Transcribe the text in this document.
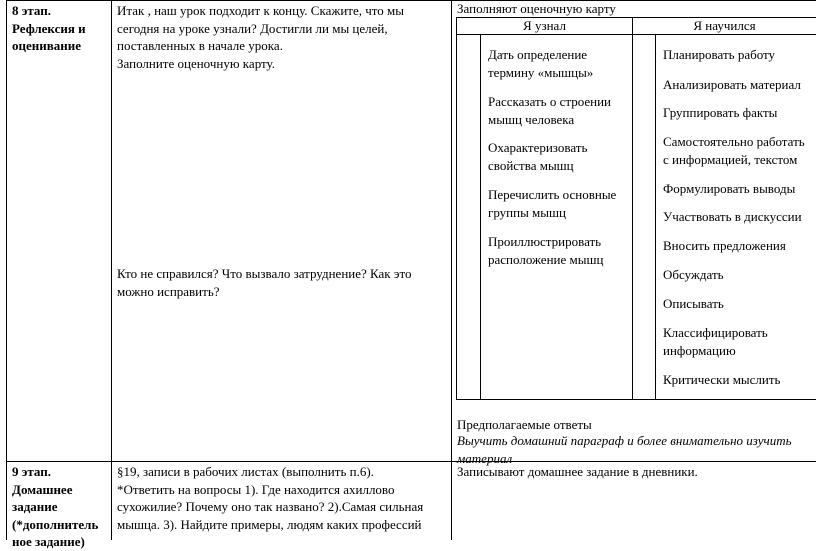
8 этап.
Рефлексия и
оценивание
Итак , наш урок подходит к концу. Скажите, что мы
сегодня на уроке узнали? Достигли ли мы целей,
поставленных в начале урока.
Заполните оценочную карту.
Кто не справился? Что вызвало затруднение? Как это
можно исправить?
Заполняют оценочную карту
Я узнал	Я научился
Дать определение
термину «мышцы»
Рассказать о строении
мышц человека
Охарактеризовать
свойства мышц
Перечислить основные
группы мышц
Проиллюстрировать
расположение мышц
Планировать работу
Анализировать материал
Группировать факты
Самостоятельно работать
с информацией, текстом
Формулировать выводы
Участвовать в дискуссии
Вносить предложения
Обсуждать
Описывать
Классифицировать
информацию
Критически мыслить
Предполагаемые ответы
Выучить домашний параграф и более внимательно изучить
материал
9 этап.
Домашнее
задание
(*дополнитель
ное задание)
§19, записи в рабочих листах (выполнить п.6).
*Ответить на вопросы 1). Где находится ахиллово
сухожилие? Почему оно так названо? 2).Самая сильная
мышца. 3). Найдите примеры, людям каких профессий
Записывают домашнее задание в дневники.
